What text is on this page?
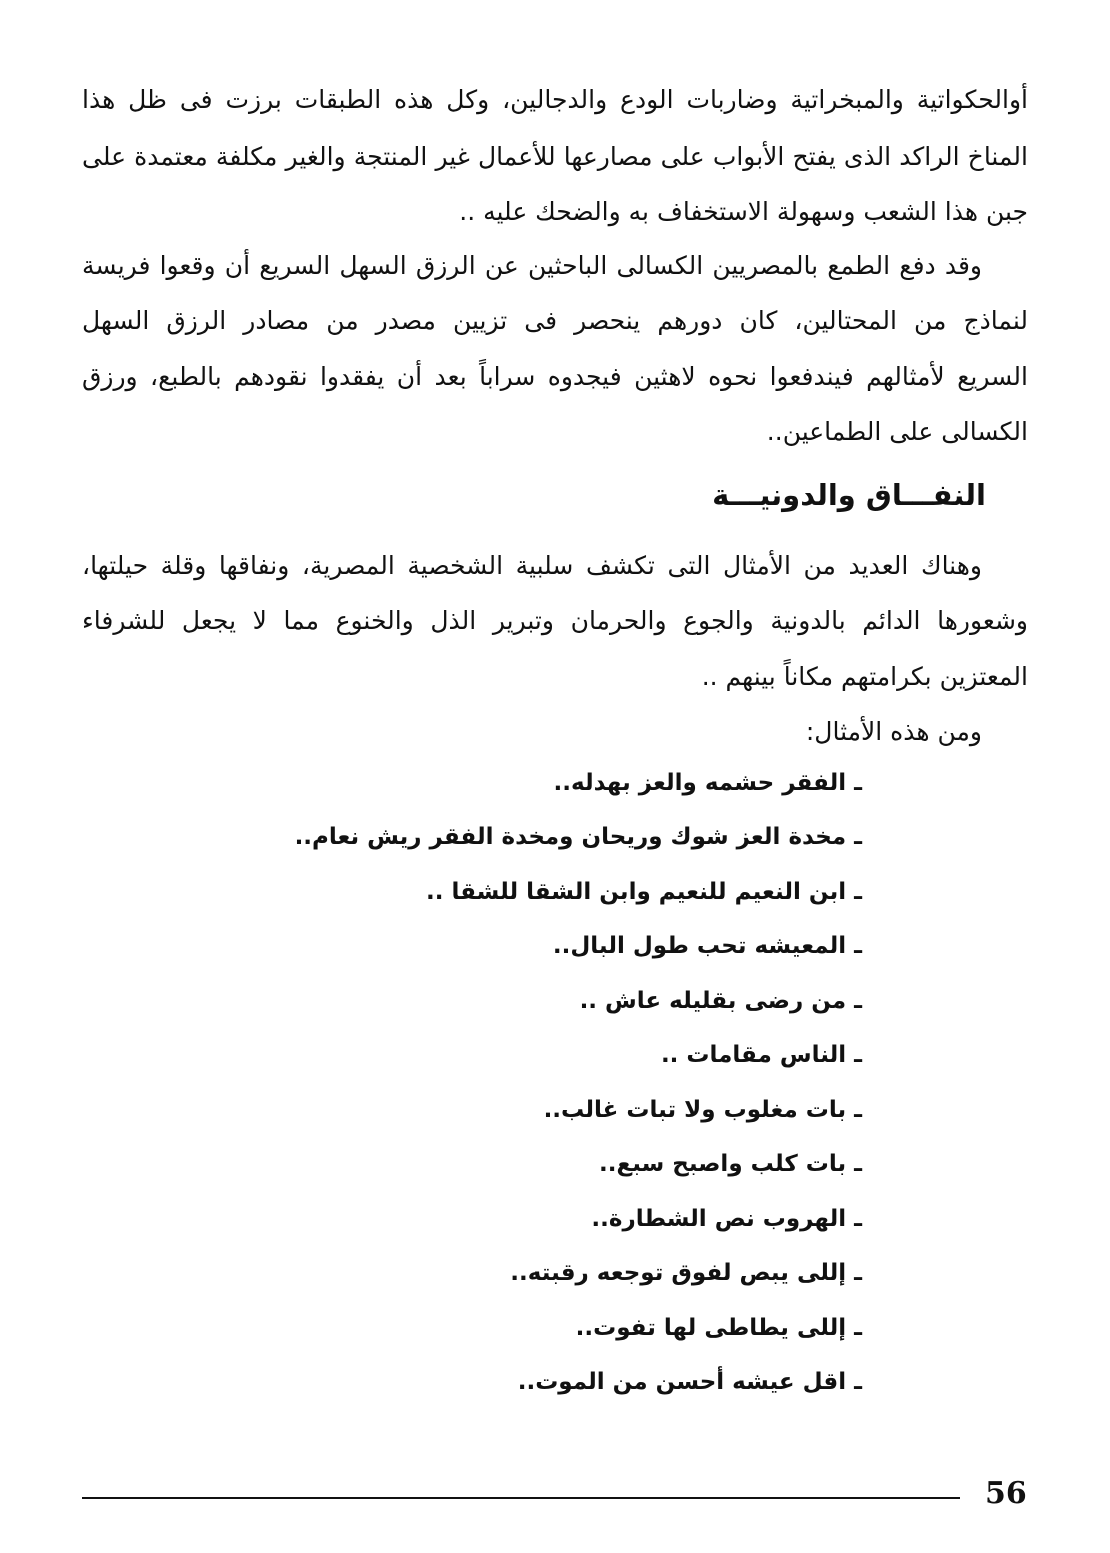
أوالحكواتية والمبخراتية وضاربات الودع والدجالين، وكل هذه الطبقات برزت فى ظل هذا
المناخ الراكد الذى يفتح الأبواب على مصارعها للأعمال غير المنتجة والغير مكلفة معتمدة على
جبن هذا الشعب وسهولة الاستخفاف به والضحك عليه ..
وقد دفع الطمع بالمصريين الكسالى الباحثين عن الرزق السهل السريع أن وقعوا فريسة
لنماذج من المحتالين، كان دورهم ينحصر فى تزيين مصدر من مصادر الرزق السهل
السريع لأمثالهم فيندفعوا نحوه لاهثين فيجدوه سراباً بعد أن يفقدوا نقودهم بالطبع، ورزق
الكسالى على الطماعين..
النفـــاق والدونيـــة
وهناك العديد من الأمثال التى تكشف سلبية الشخصية المصرية، ونفاقها وقلة حيلتها،
وشعورها الدائم بالدونية والجوع والحرمان وتبرير الذل والخنوع مما لا يجعل للشرفاء
المعتزين بكرامتهم مكاناً بينهم ..
ومن هذه الأمثال:
ـ الفقر حشمه والعز بهدله..
ـ مخدة العز شوك وريحان ومخدة الفقر ريش نعام..
ـ ابن النعيم للنعيم وابن الشقا للشقا ..
ـ المعيشه تحب طول البال..
ـ من رضى بقليله عاش ..
ـ الناس مقامات ..
ـ بات مغلوب ولا تبات غالب..
ـ بات كلب واصبح سبع..
ـ الهروب نص الشطارة..
ـ إللى يبص لفوق توجعه رقبته..
ـ إللى يطاطى لها تفوت..
ـ اقل عيشه أحسن من الموت..
56
